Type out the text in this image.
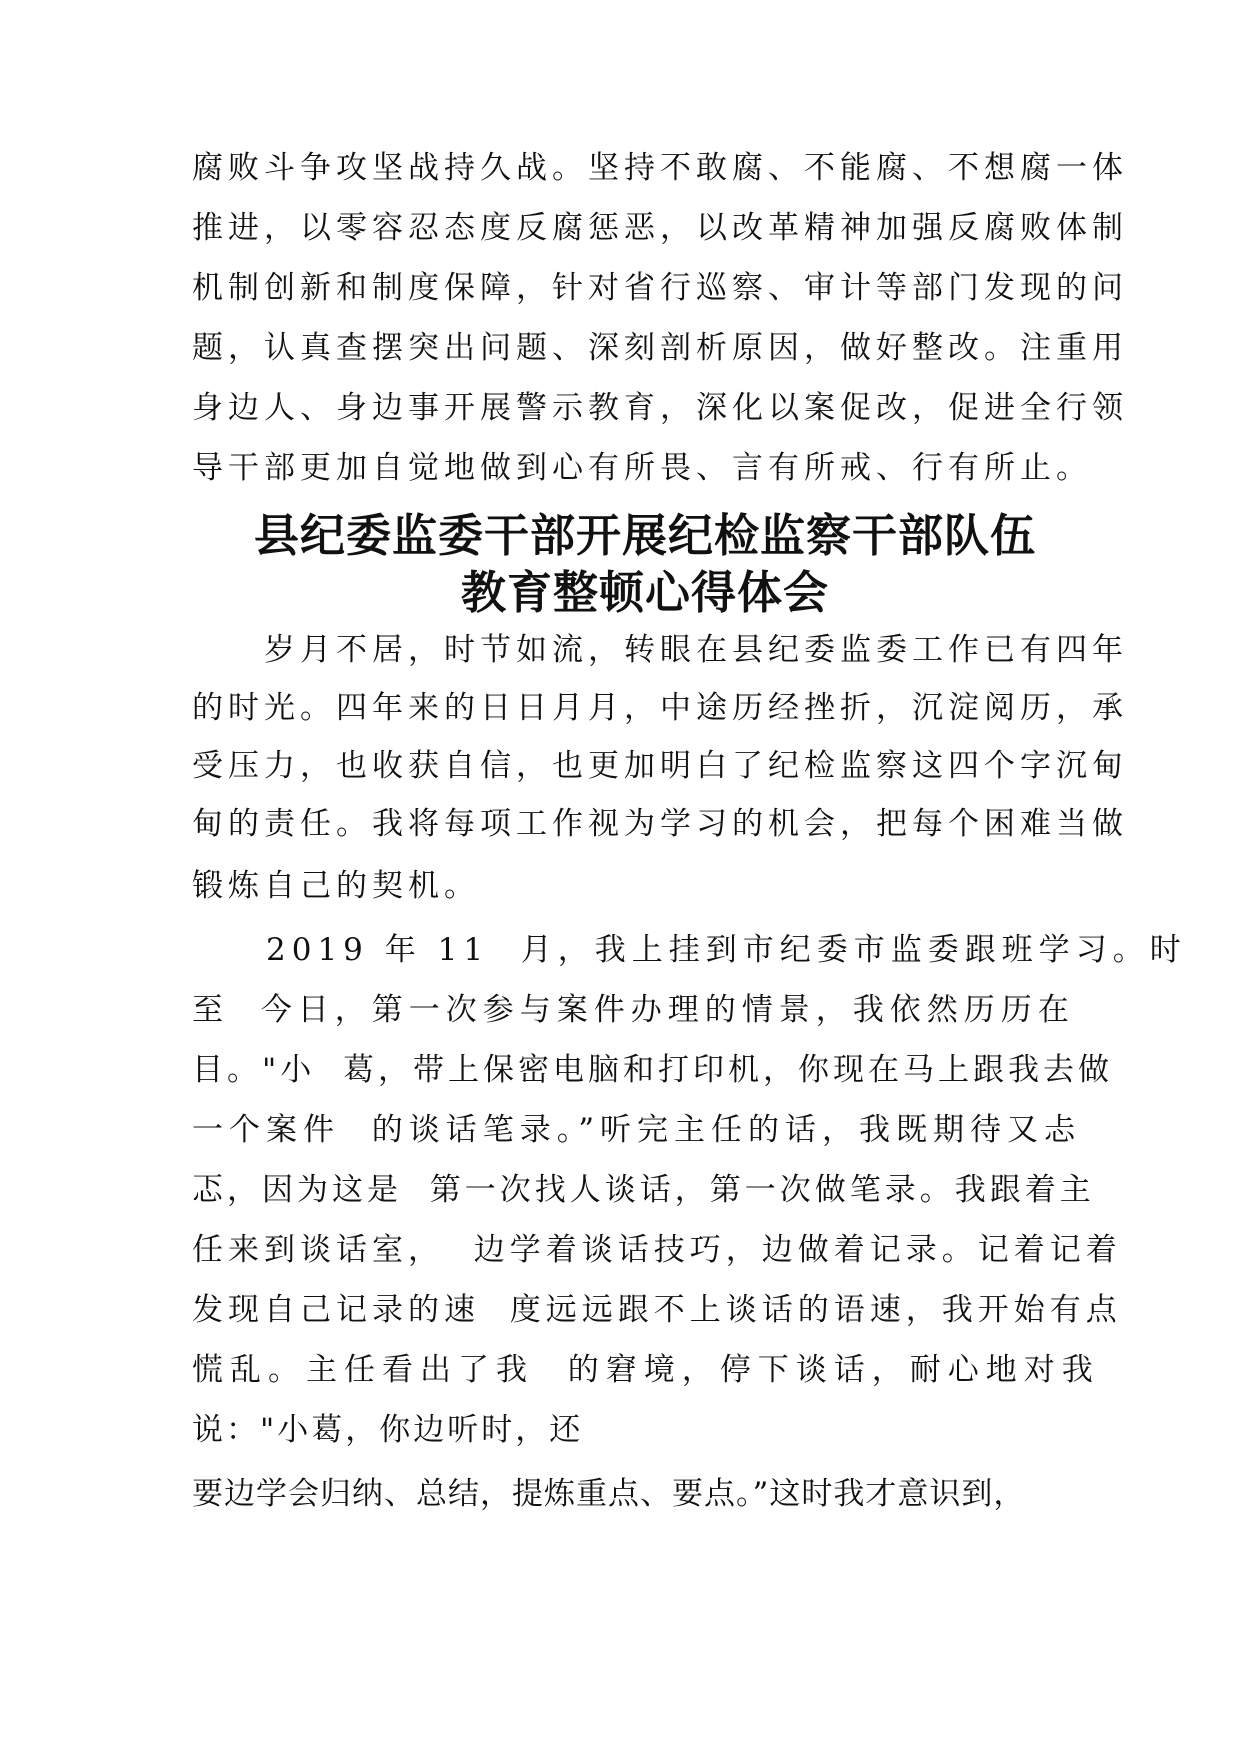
腐败斗争攻坚战持久战。坚持不敢腐、不能腐、不想腐一体
推进，以零容忍态度反腐惩恶，以改革精神加强反腐败体制
机制创新和制度保障，针对省行巡察、审计等部门发现的问
题，认真查摆突出问题、深刻剖析原因，做好整改。注重用
身边人、身边事开展警示教育，深化以案促改，促进全行领
导干部更加自觉地做到心有所畏、言有所戒、行有所止。
县纪委监委干部开展纪检监察干部队伍
教育整顿心得体会
　　岁月不居，时节如流，转眼在县纪委监委工作已有四年
的时光。四年来的日日月月，中途历经挫折，沉淀阅历，承
受压力，也收获自信，也更加明白了纪检监察这四个字沉甸
甸的责任。我将每项工作视为学习的机会，把每个困难当做
锻炼自己的契机。
　　2019 年 11  月，我上挂到市纪委市监委跟班学习。时
至  今日，第一次参与案件办理的情景，我依然历历在
目。"小  葛，带上保密电脑和打印机，你现在马上跟我去做
一个案件  的谈话笔录。”听完主任的话，我既期待又忐
忑，因为这是  第一次找人谈话，第一次做笔录。我跟着主
任来到谈话室，  边学着谈话技巧，边做着记录。记着记着
发现自己记录的速  度远远跟不上谈话的语速，我开始有点
慌乱。主任看出了我  的窘境，停下谈话，耐心地对我
说："小葛，你边听时，还
要边学会归纳、总结，提炼重点、要点。”这时我才意识到，
